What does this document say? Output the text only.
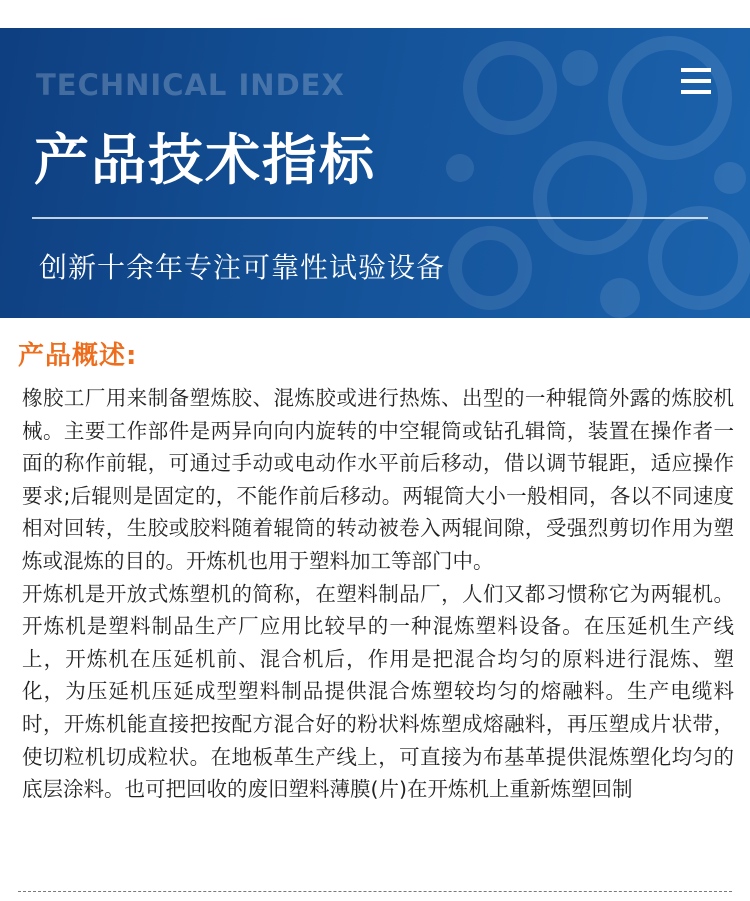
TECHNICAL INDEX
产品技术指标
创新十余年专注可靠性试验设备
产品概述:

橡胶工厂用来制备塑炼胶、混炼胶或进行热炼、出型的一种辊筒外露的炼胶机械。主要工作部件是两异向向内旋转的中空辊筒或钻孔辑筒，装置在操作者一面的称作前辊，可通过手动或电动作水平前后移动，借以调节辊距，适应操作要求;后辊则是固定的，不能作前后移动。两辊筒大小一般相同，各以不同速度相对回转，生胶或胶料随着辊筒的转动被卷入两辊间隙，受强烈剪切作用为塑炼或混炼的目的。开炼机也用于塑料加工等部门中。

开炼机是开放式炼塑机的简称，在塑料制品厂，人们又都习惯称它为两辊机。开炼机是塑料制品生产厂应用比较早的一种混炼塑料设备。在压延机生产线上，开炼机在压延机前、混合机后，作用是把混合均匀的原料进行混炼、塑化，为压延机压延成型塑料制品提供混合炼塑较均匀的熔融料。生产电缆料时，开炼机能直接把按配方混合好的粉状料炼塑成熔融料，再压塑成片状带，使切粒机切成粒状。在地板革生产线上，可直接为布基革提供混炼塑化均匀的底层涂料。也可把回收的废旧塑料薄膜(片)在开炼机上重新炼塑回制
